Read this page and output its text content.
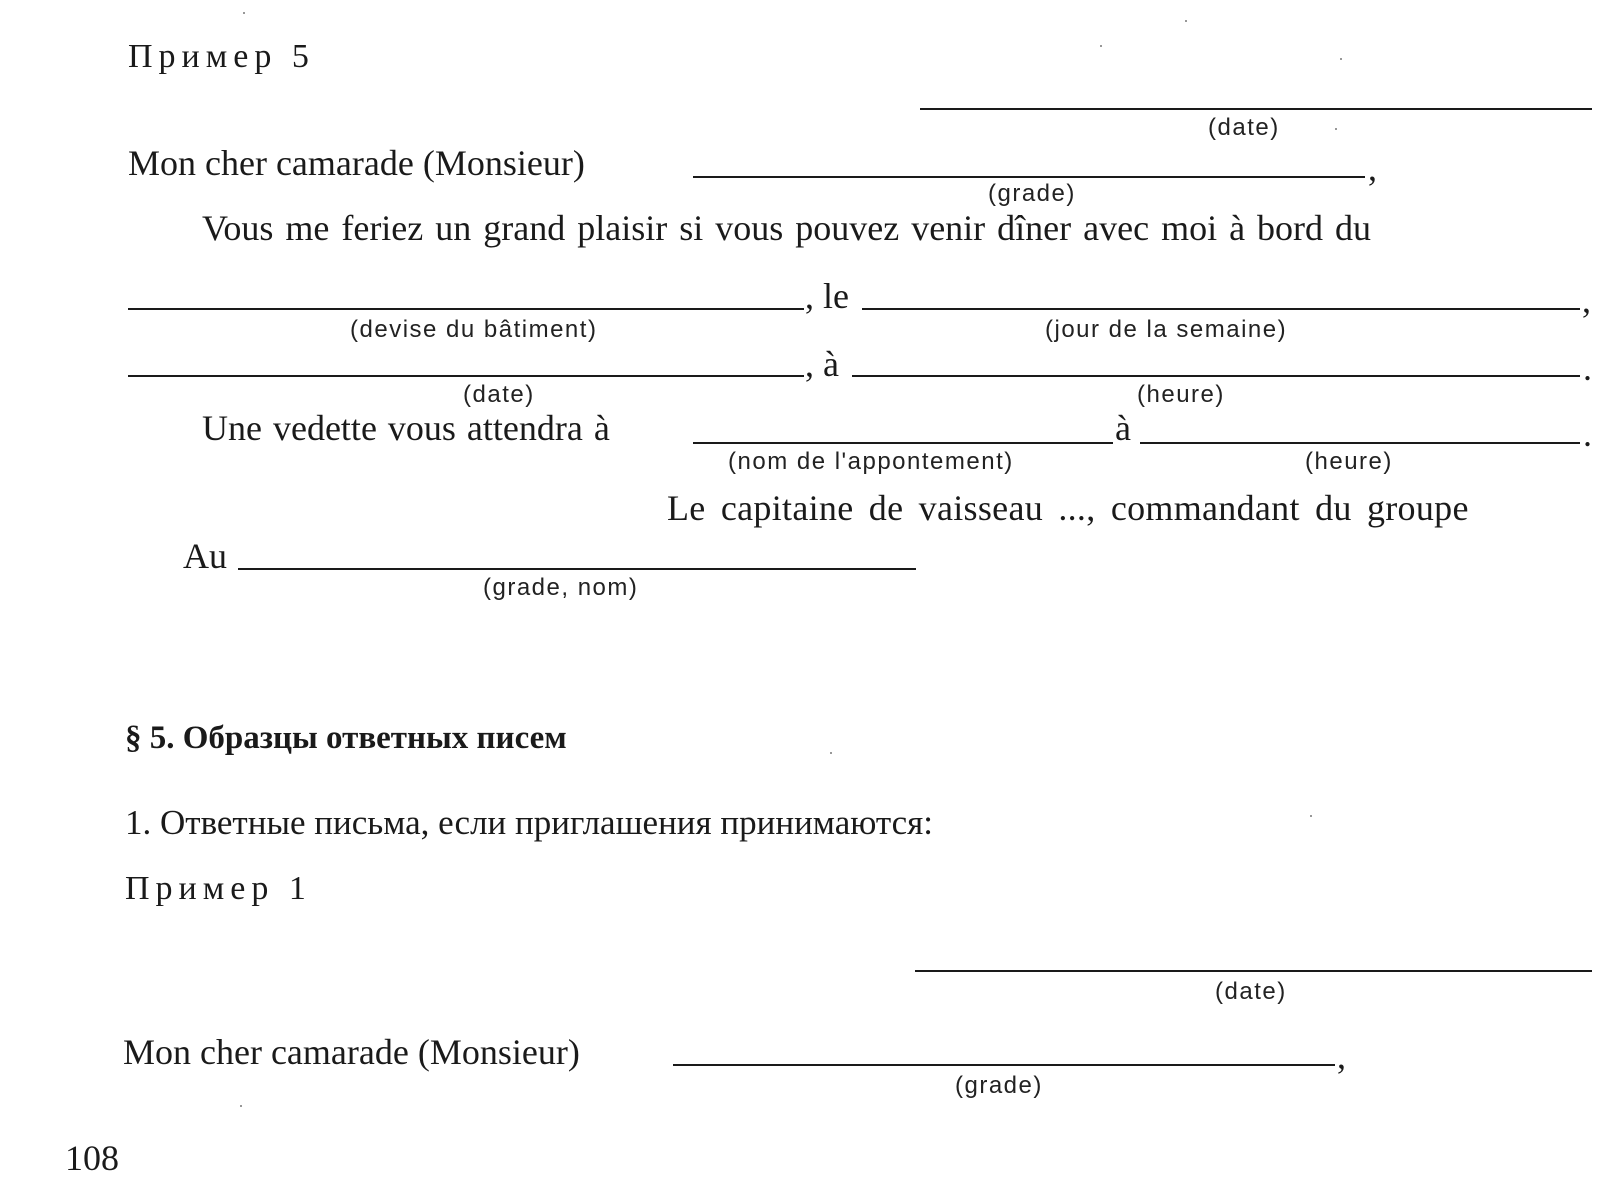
Пример 5
(date)
Mon cher camarade (Monsieur)	,
(grade)
Vous me feriez un grand plaisir si vous pouvez venir dîner avec moi à bord du
, le	,
(devise du bâtiment)	(jour de la semaine)
, à	.
(date)	(heure)
Une vedette vous attendra à	à	.
(nom de l'appontement)	(heure)
Le capitaine de vaisseau ..., commandant du groupe
Au
(grade, nom)
§ 5. Образцы ответных писем
1. Ответные письма, если приглашения принимаются:
Пример 1
(date)
Mon cher camarade (Monsieur)	,
(grade)
108
